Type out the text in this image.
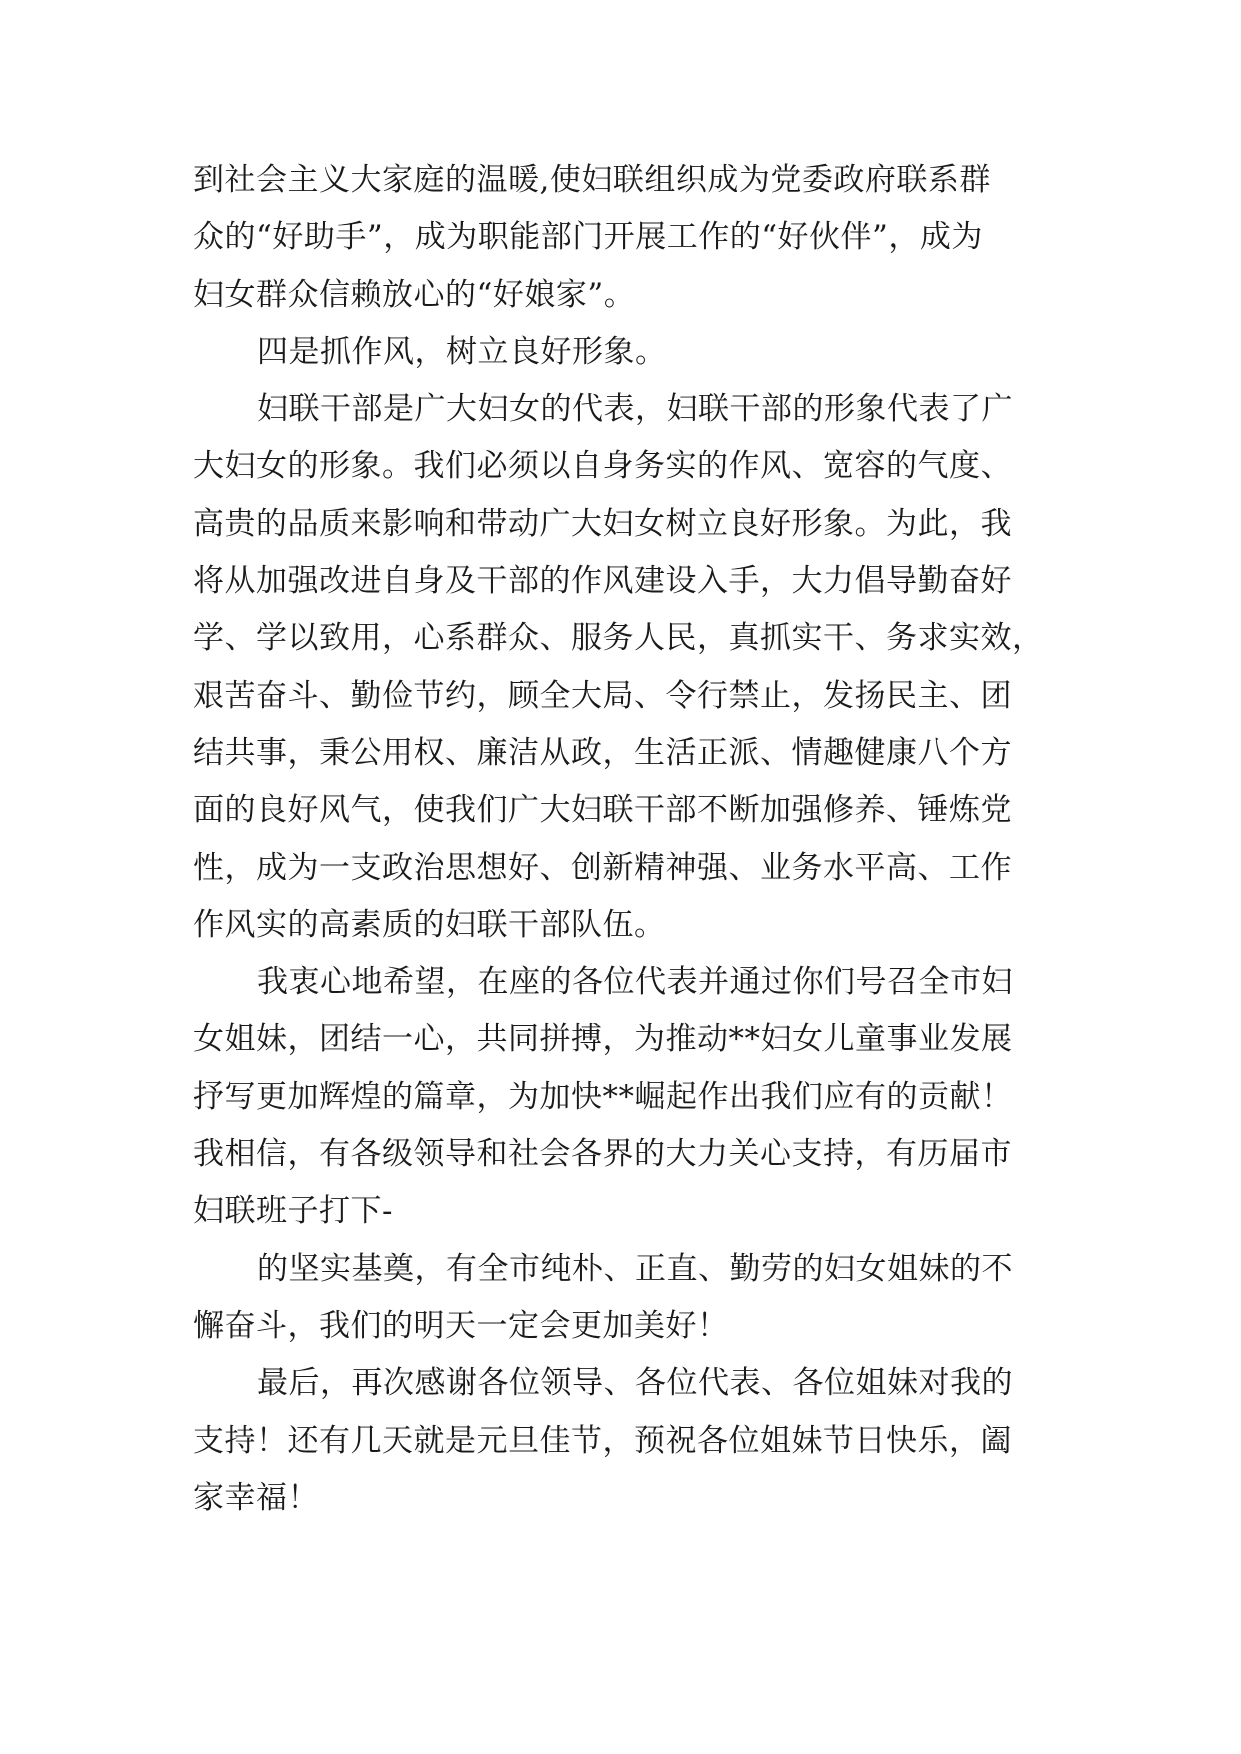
到社会主义大家庭的温暖,使妇联组织成为党委政府联系群
众的“好助手”，成为职能部门开展工作的“好伙伴”，成为
妇女群众信赖放心的“好娘家”。
四是抓作风，树立良好形象。
妇联干部是广大妇女的代表，妇联干部的形象代表了广
大妇女的形象。我们必须以自身务实的作风、宽容的气度、
高贵的品质来影响和带动广大妇女树立良好形象。为此，我
将从加强改进自身及干部的作风建设入手，大力倡导勤奋好
学、学以致用，心系群众、服务人民，真抓实干、务求实效，
艰苦奋斗、勤俭节约，顾全大局、令行禁止，发扬民主、团
结共事，秉公用权、廉洁从政，生活正派、情趣健康八个方
面的良好风气，使我们广大妇联干部不断加强修养、锤炼党
性，成为一支政治思想好、创新精神强、业务水平高、工作
作风实的高素质的妇联干部队伍。
我衷心地希望，在座的各位代表并通过你们号召全市妇
女姐妹，团结一心，共同拼搏，为推动**妇女儿童事业发展
抒写更加辉煌的篇章，为加快**崛起作出我们应有的贡献！
我相信，有各级领导和社会各界的大力关心支持，有历届市
妇联班子打下-
的坚实基奠，有全市纯朴、正直、勤劳的妇女姐妹的不
懈奋斗，我们的明天一定会更加美好！
最后，再次感谢各位领导、各位代表、各位姐妹对我的
支持！还有几天就是元旦佳节，预祝各位姐妹节日快乐，阖
家幸福！
